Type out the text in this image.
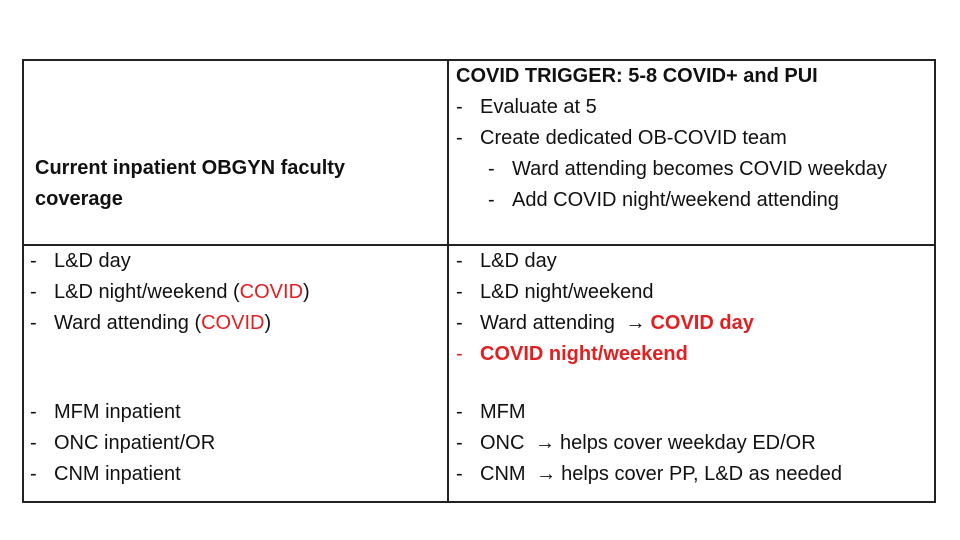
Current inpatient OBGYN faculty
coverage
COVID TRIGGER: 5-8 COVID+ and PUI
- Evaluate at 5
- Create dedicated OB-COVID team
- Ward attending becomes COVID weekday
- Add COVID night/weekend attending
- L&D day
- L&D night/weekend (COVID)
- Ward attending (COVID)
- L&D day
- L&D night/weekend
- Ward attending → COVID day
- COVID night/weekend
- MFM inpatient
- ONC inpatient/OR
- CNM inpatient
- MFM
- ONC → helps cover weekday ED/OR
- CNM → helps cover PP, L&D as needed
